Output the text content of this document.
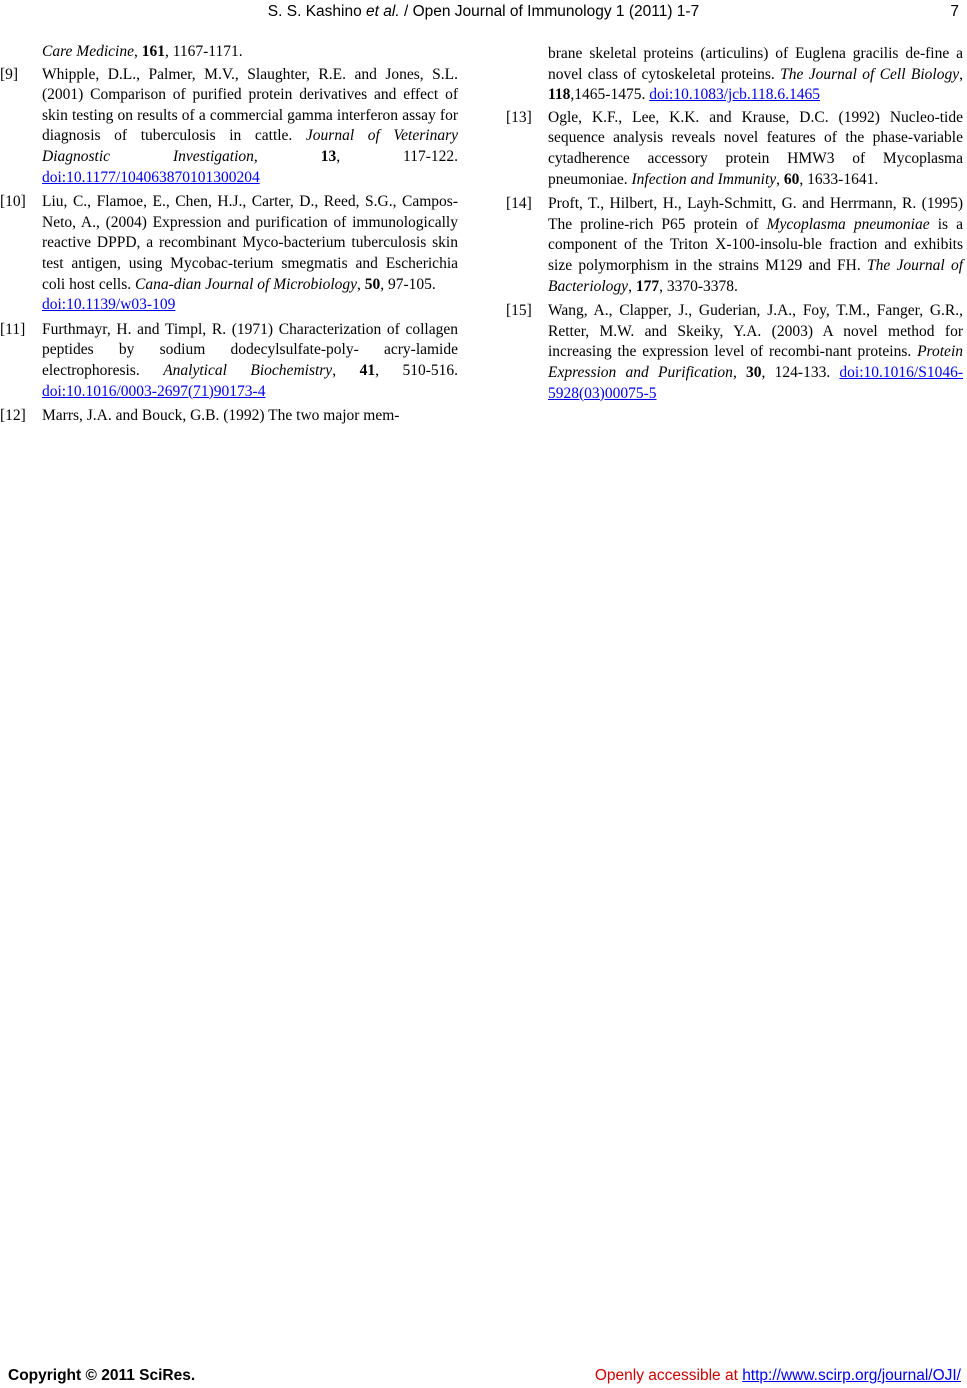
S. S. Kashino et al. / Open Journal of Immunology 1 (2011) 1-7	7
Care Medicine, 161, 1167-1171.
[9] Whipple, D.L., Palmer, M.V., Slaughter, R.E. and Jones, S.L. (2001) Comparison of purified protein derivatives and effect of skin testing on results of a commercial gamma interferon assay for diagnosis of tuberculosis in cattle. Journal of Veterinary Diagnostic Investigation, 13, 117-122. doi:10.1177/104063870101300204
[10] Liu, C., Flamoe, E., Chen, H.J., Carter, D., Reed, S.G., Campos-Neto, A., (2004) Expression and purification of immunologically reactive DPPD, a recombinant Myco-bacterium tuberculosis skin test antigen, using Mycobac-terium smegmatis and Escherichia coli host cells. Cana-dian Journal of Microbiology, 50, 97-105.
doi:10.1139/w03-109
[11] Furthmayr, H. and Timpl, R. (1971) Characterization of collagen peptides by sodium dodecylsulfate-poly- acry-lamide electrophoresis. Analytical Biochemistry, 41, 510-516. doi:10.1016/0003-2697(71)90173-4
[12] Marrs, J.A. and Bouck, G.B. (1992) The two major mem-
brane skeletal proteins (articulins) of Euglena gracilis de-fine a novel class of cytoskeletal proteins. The Journal of Cell Biology, 118,1465-1475. doi:10.1083/jcb.118.6.1465
[13] Ogle, K.F., Lee, K.K. and Krause, D.C. (1992) Nucleo-tide sequence analysis reveals novel features of the phase-variable cytadherence accessory protein HMW3 of Mycoplasma pneumoniae. Infection and Immunity, 60, 1633-1641.
[14] Proft, T., Hilbert, H., Layh-Schmitt, G. and Herrmann, R. (1995) The proline-rich P65 protein of Mycoplasma pneumoniae is a component of the Triton X-100-insolu-ble fraction and exhibits size polymorphism in the strains M129 and FH. The Journal of Bacteriology, 177, 3370-3378.
[15] Wang, A., Clapper, J., Guderian, J.A., Foy, T.M., Fanger, G.R., Retter, M.W. and Skeiky, Y.A. (2003) A novel method for increasing the expression level of recombi-nant proteins. Protein Expression and Purification, 30, 124-133. doi:10.1016/S1046-5928(03)00075-5
Copyright © 2011 SciRes.	Openly accessible at http://www.scirp.org/journal/OJI/
